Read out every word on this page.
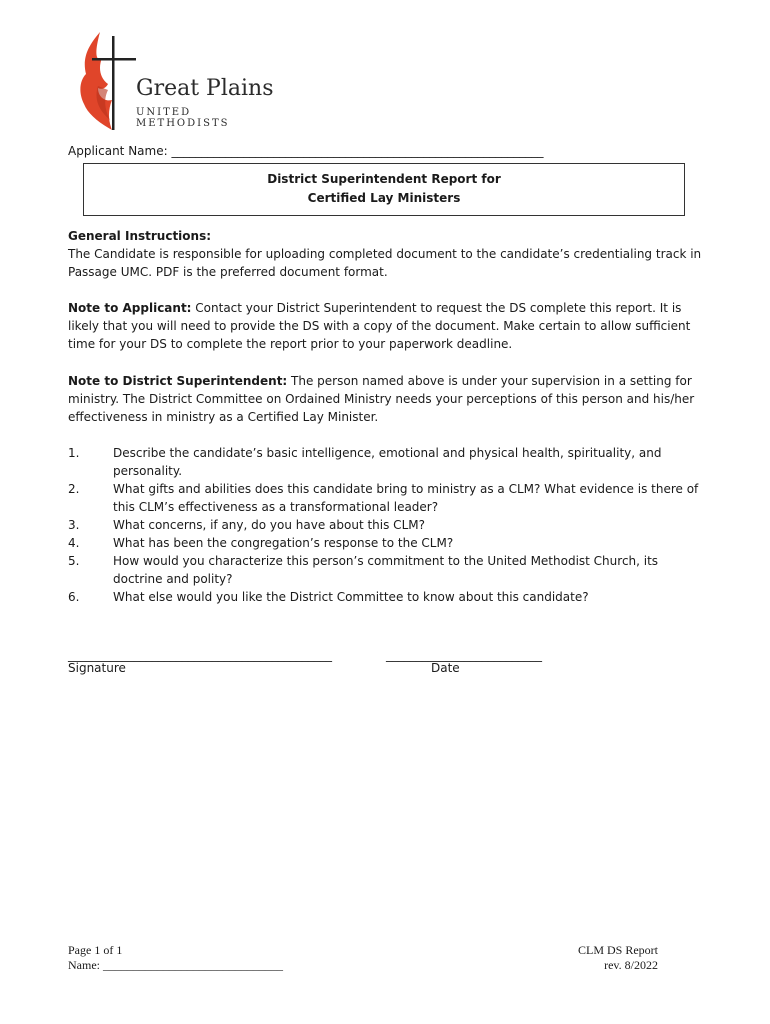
Great Plains
UNITED METHODISTS
Applicant Name: ______________________________________________________________
District Superintendent Report for
Certified Lay Ministers
General Instructions:
The Candidate is responsible for uploading completed document to the candidate’s credentialing track in Passage UMC. PDF is the preferred document format.
Note to Applicant: Contact your District Superintendent to request the DS complete this report. It is likely that you will need to provide the DS with a copy of the document. Make certain to allow sufficient time for your DS to complete the report prior to your paperwork deadline.
Note to District Superintendent: The person named above is under your supervision in a setting for ministry. The District Committee on Ordained Ministry needs your perceptions of this person and his/her effectiveness in ministry as a Certified Lay Minister.
1.	Describe the candidate’s basic intelligence, emotional and physical health, spirituality, and personality.
2.	What gifts and abilities does this candidate bring to ministry as a CLM? What evidence is there of this CLM’s effectiveness as a transformational leader?
3.	What concerns, if any, do you have about this CLM?
4.	What has been the congregation’s response to the CLM?
5.	How would you characterize this person’s commitment to the United Methodist Church, its doctrine and polity?
6.	What else would you like the District Committee to know about this candidate?
____________________________________________	__________________________
Signature	Date
Page 1 of 1
Name: ______________________________
CLM DS Report
rev. 8/2022
